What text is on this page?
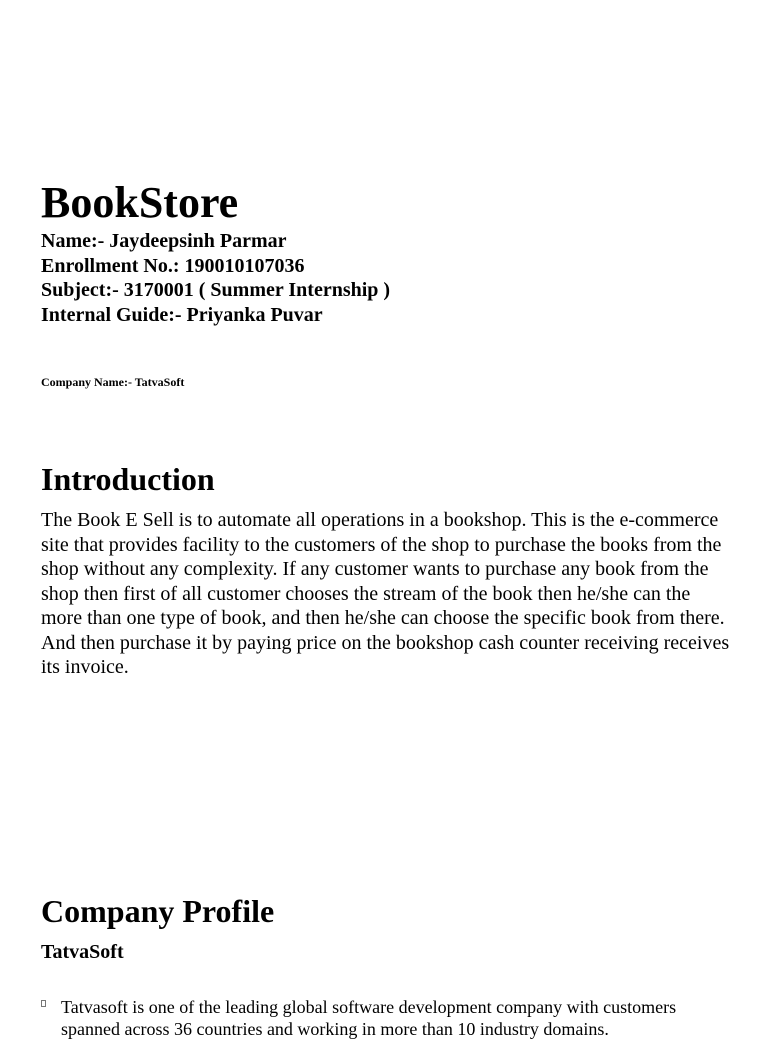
BookStore
Name:- Jaydeepsinh Parmar
Enrollment No.: 190010107036
Subject:- 3170001 ( Summer Internship )
Internal Guide:- Priyanka Puvar
Company Name:- TatvaSoft
Introduction

The Book E Sell is to automate all operations in a bookshop. This is the e-commerce site that provides facility to the customers of the shop to purchase the books from the shop without any complexity. If any customer wants to purchase any book from the shop then first of all customer chooses the stream of the book then he/she can the more than one type of book, and then he/she can choose the specific book from there. And then purchase it by paying price on the bookshop cash counter receiving receives its invoice.

Company Profile
TatvaSoft
Tatvasoft is one of the leading global software development company with customers spanned across 36 countries and working in more than 10 industry domains.
